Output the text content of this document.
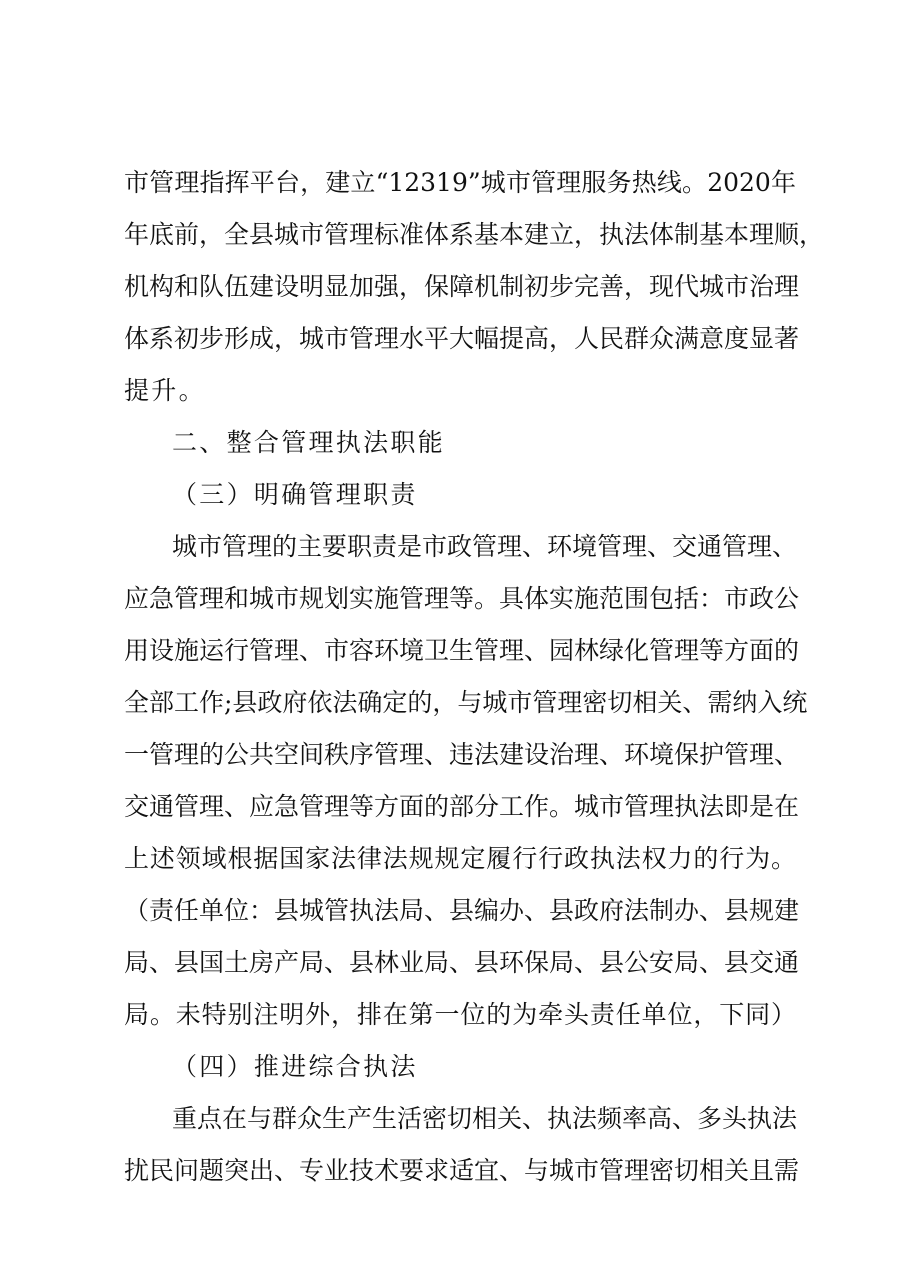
市管理指挥平台，建立“12319”城市管理服务热线。2020年
年底前，全县城市管理标准体系基本建立，执法体制基本理顺，
机构和队伍建设明显加强，保障机制初步完善，现代城市治理
体系初步形成，城市管理水平大幅提高，人民群众满意度显著
提升。
二、整合管理执法职能
（三）明确管理职责
城市管理的主要职责是市政管理、环境管理、交通管理、
应急管理和城市规划实施管理等。具体实施范围包括：市政公
用设施运行管理、市容环境卫生管理、园林绿化管理等方面的
全部工作;县政府依法确定的，与城市管理密切相关、需纳入统
一管理的公共空间秩序管理、违法建设治理、环境保护管理、
交通管理、应急管理等方面的部分工作。城市管理执法即是在
上述领域根据国家法律法规规定履行行政执法权力的行为。
（责任单位：县城管执法局、县编办、县政府法制办、县规建
局、县国土房产局、县林业局、县环保局、县公安局、县交通
局。未特别注明外，排在第一位的为牵头责任单位，下同）
（四）推进综合执法
重点在与群众生产生活密切相关、执法频率高、多头执法
扰民问题突出、专业技术要求适宜、与城市管理密切相关且需
